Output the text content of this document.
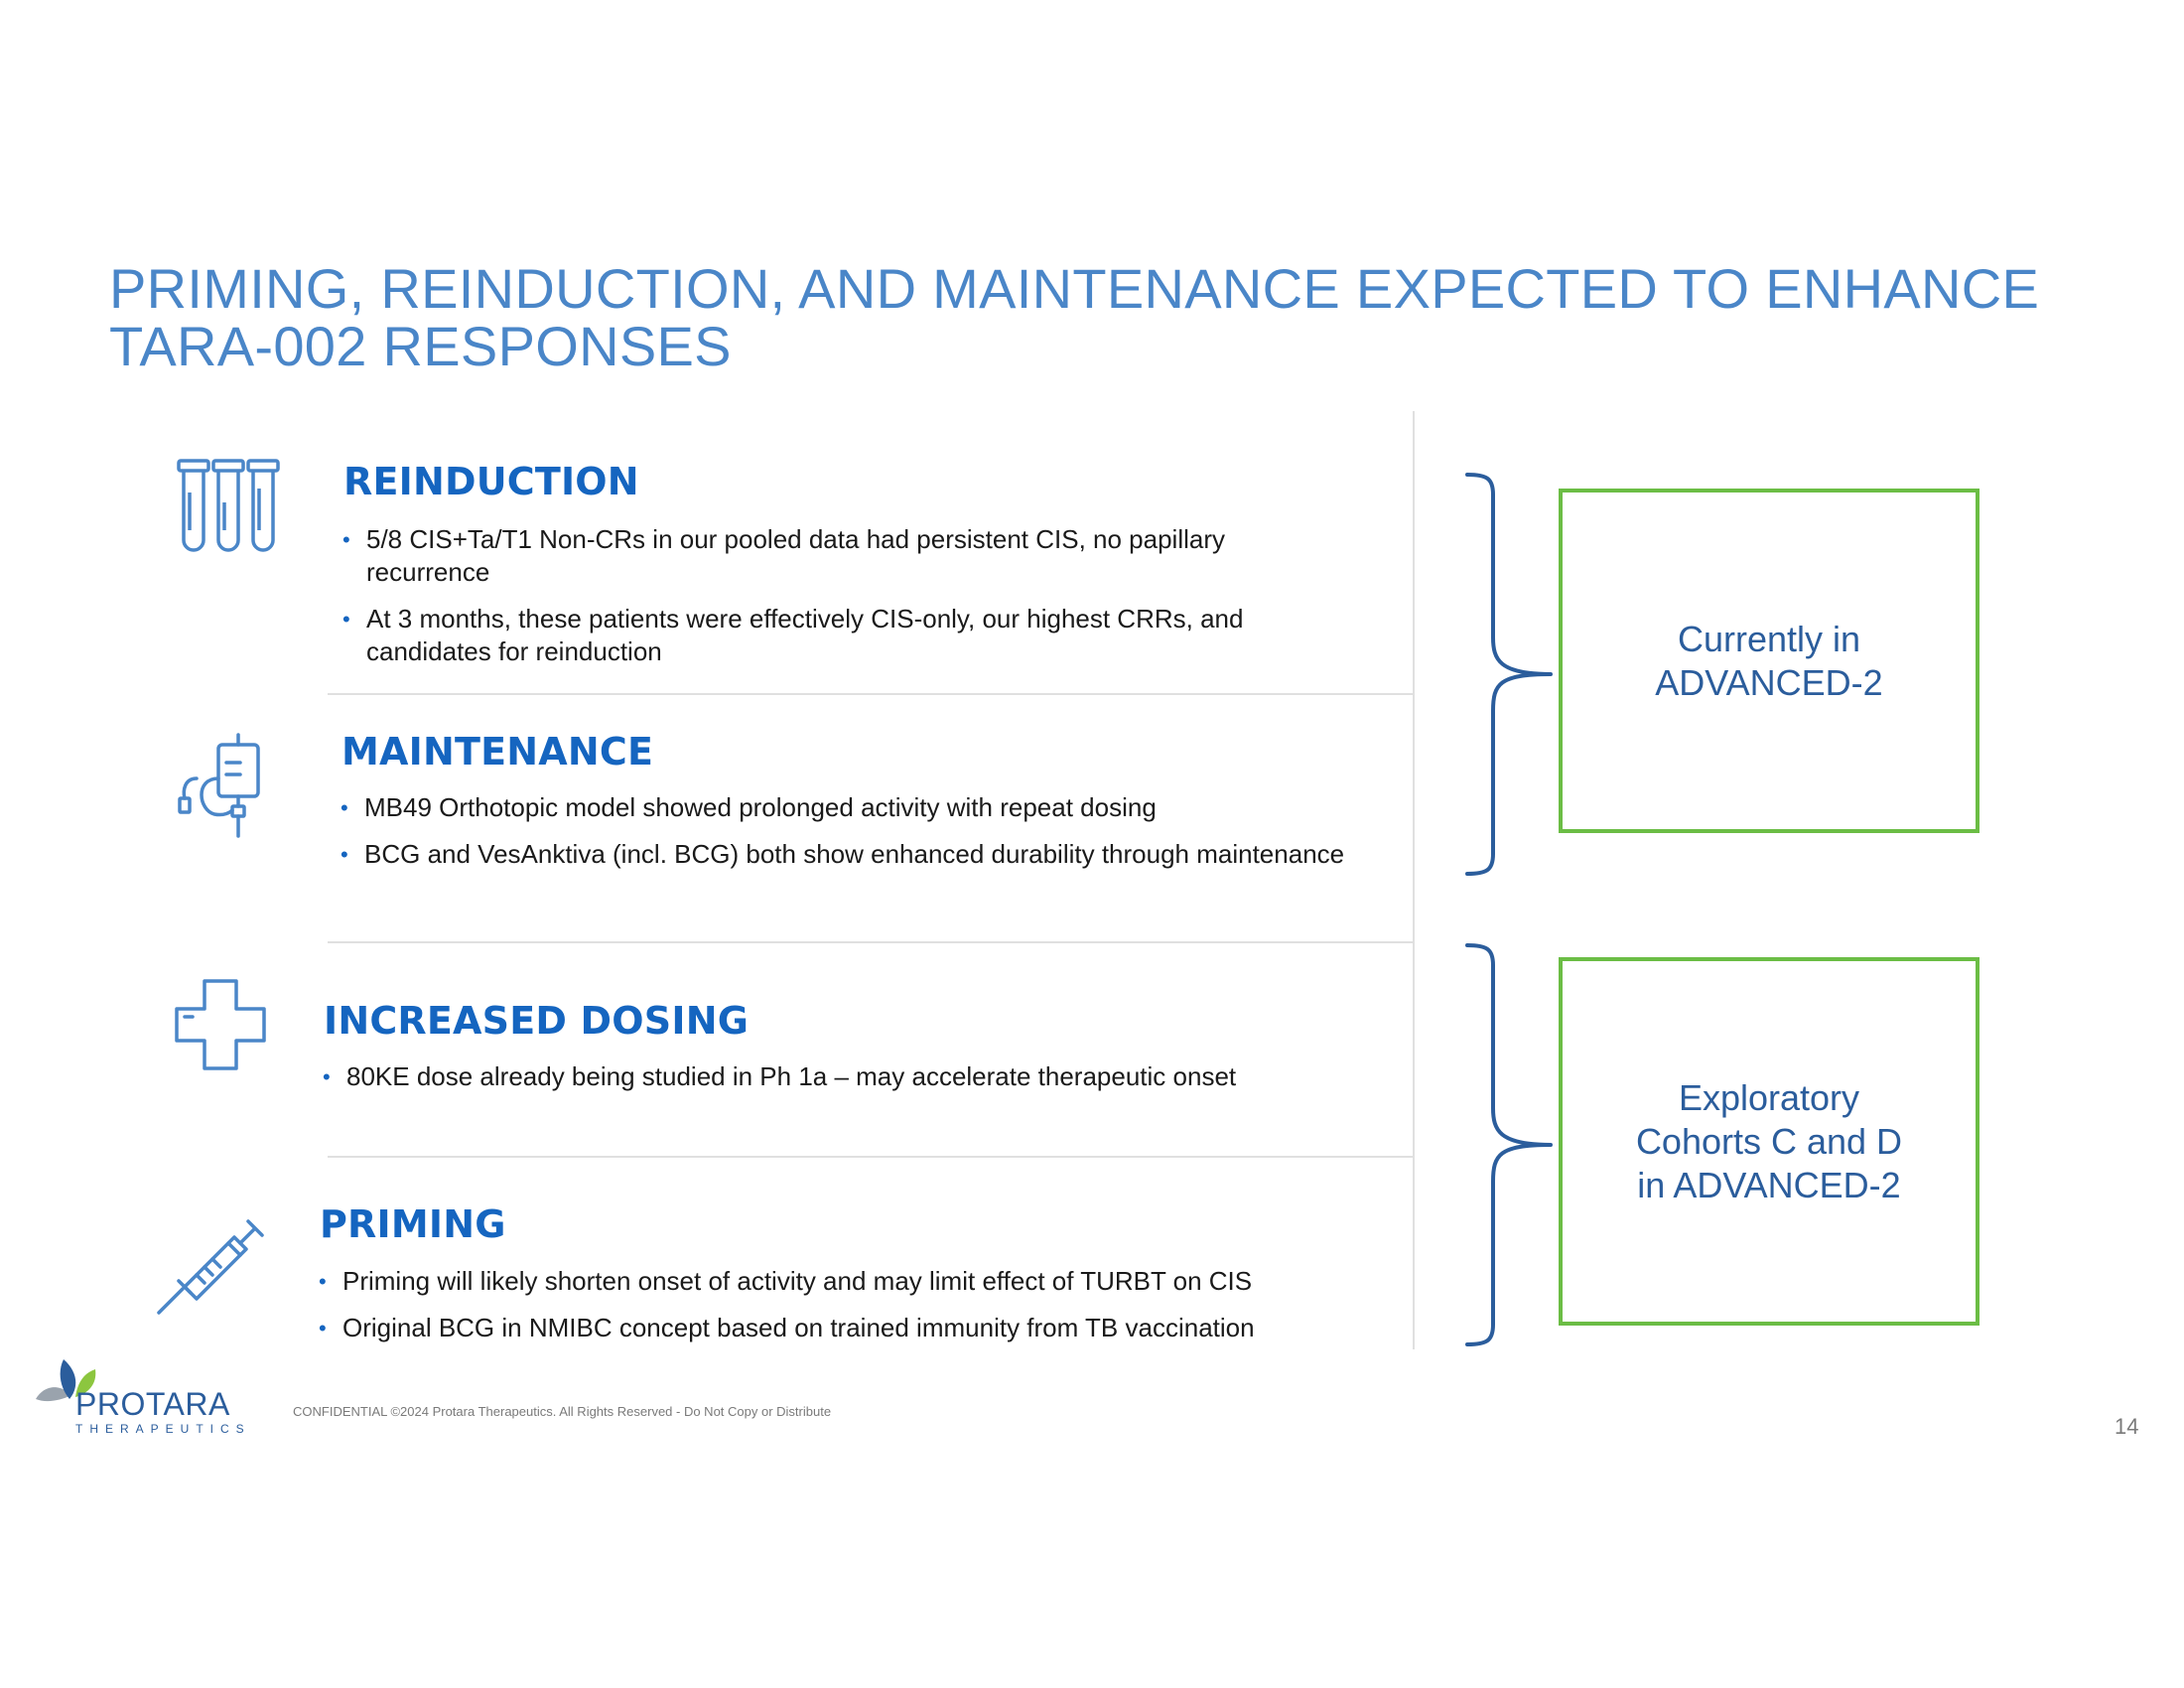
PRIMING, REINDUCTION, AND MAINTENANCE EXPECTED TO ENHANCE TARA-002 RESPONSES
REINDUCTION
• 5/8 CIS+Ta/T1 Non-CRs in our pooled data had persistent CIS, no papillary recurrence
• At 3 months, these patients were effectively CIS-only, our highest CRRs, and candidates for reinduction
MAINTENANCE
• MB49 Orthotopic model showed prolonged activity with repeat dosing
• BCG and VesAnktiva (incl. BCG) both show enhanced durability through maintenance
INCREASED DOSING
• 80KE dose already being studied in Ph 1a – may accelerate therapeutic onset
PRIMING
• Priming will likely shorten onset of activity and may limit effect of TURBT on CIS
• Original BCG in NMIBC concept based on trained immunity from TB vaccination
Currently in
ADVANCED-2
Exploratory
Cohorts C and D
in ADVANCED-2
PROTARA
THERAPEUTICS
CONFIDENTIAL ©2024 Protara Therapeutics. All Rights Reserved - Do Not Copy or Distribute
14
